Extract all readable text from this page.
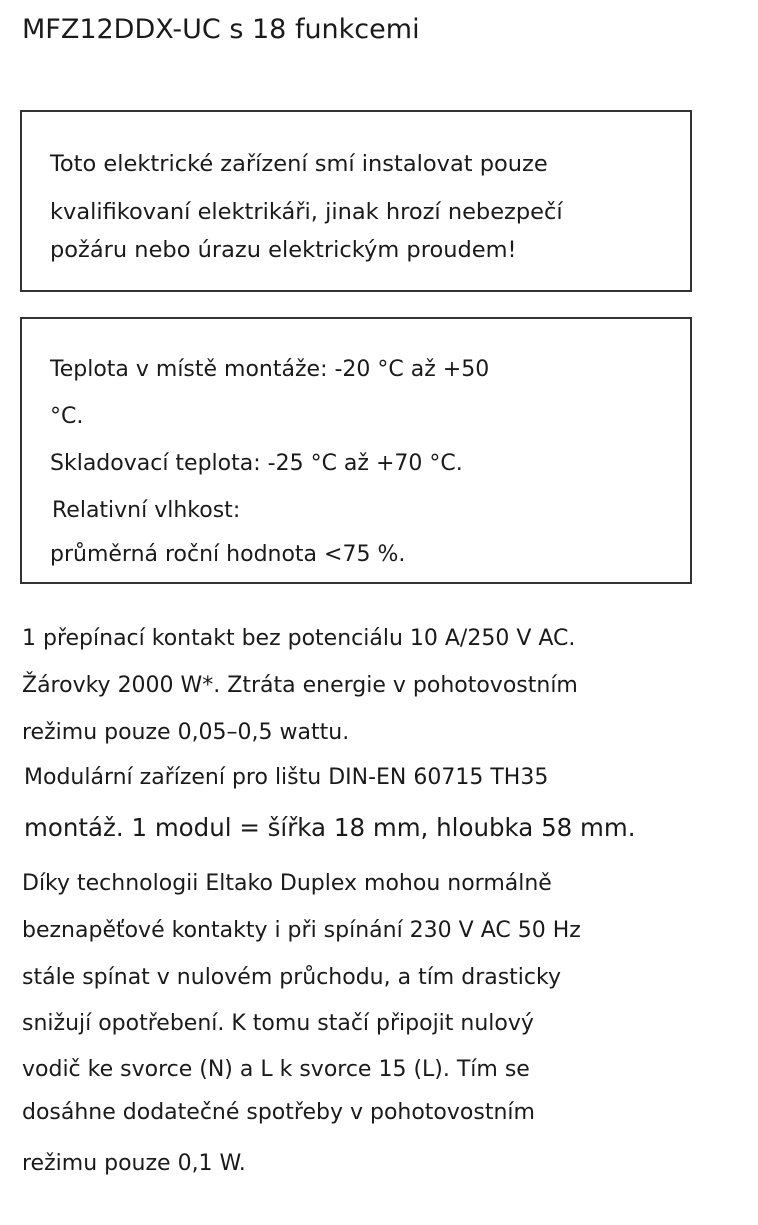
MFZ12DDX-UC s 18 funkcemi
Toto elektrické zařízení smí instalovat pouze
kvalifikovaní elektrikáři, jinak hrozí nebezpečí
požáru nebo úrazu elektrickým proudem!
Teplota v místě montáže: -20 °C až +50
°C.
Skladovací teplota: -25 °C až +70 °C.
Relativní vlhkost:
průměrná roční hodnota <75 %.
1 přepínací kontakt bez potenciálu 10 A/250 V AC.
Žárovky 2000 W*. Ztráta energie v pohotovostním
režimu pouze 0,05–0,5 wattu.
Modulární zařízení pro lištu DIN-EN 60715 TH35
montáž. 1 modul = šířka 18 mm, hloubka 58 mm.
Díky technologii Eltako Duplex mohou normálně
beznapěťové kontakty i při spínání 230 V AC 50 Hz
stále spínat v nulovém průchodu, a tím drasticky
snižují opotřebení. K tomu stačí připojit nulový
vodič ke svorce (N) a L k svorce 15 (L). Tím se
dosáhne dodatečné spotřeby v pohotovostním
režimu pouze 0,1 W.
